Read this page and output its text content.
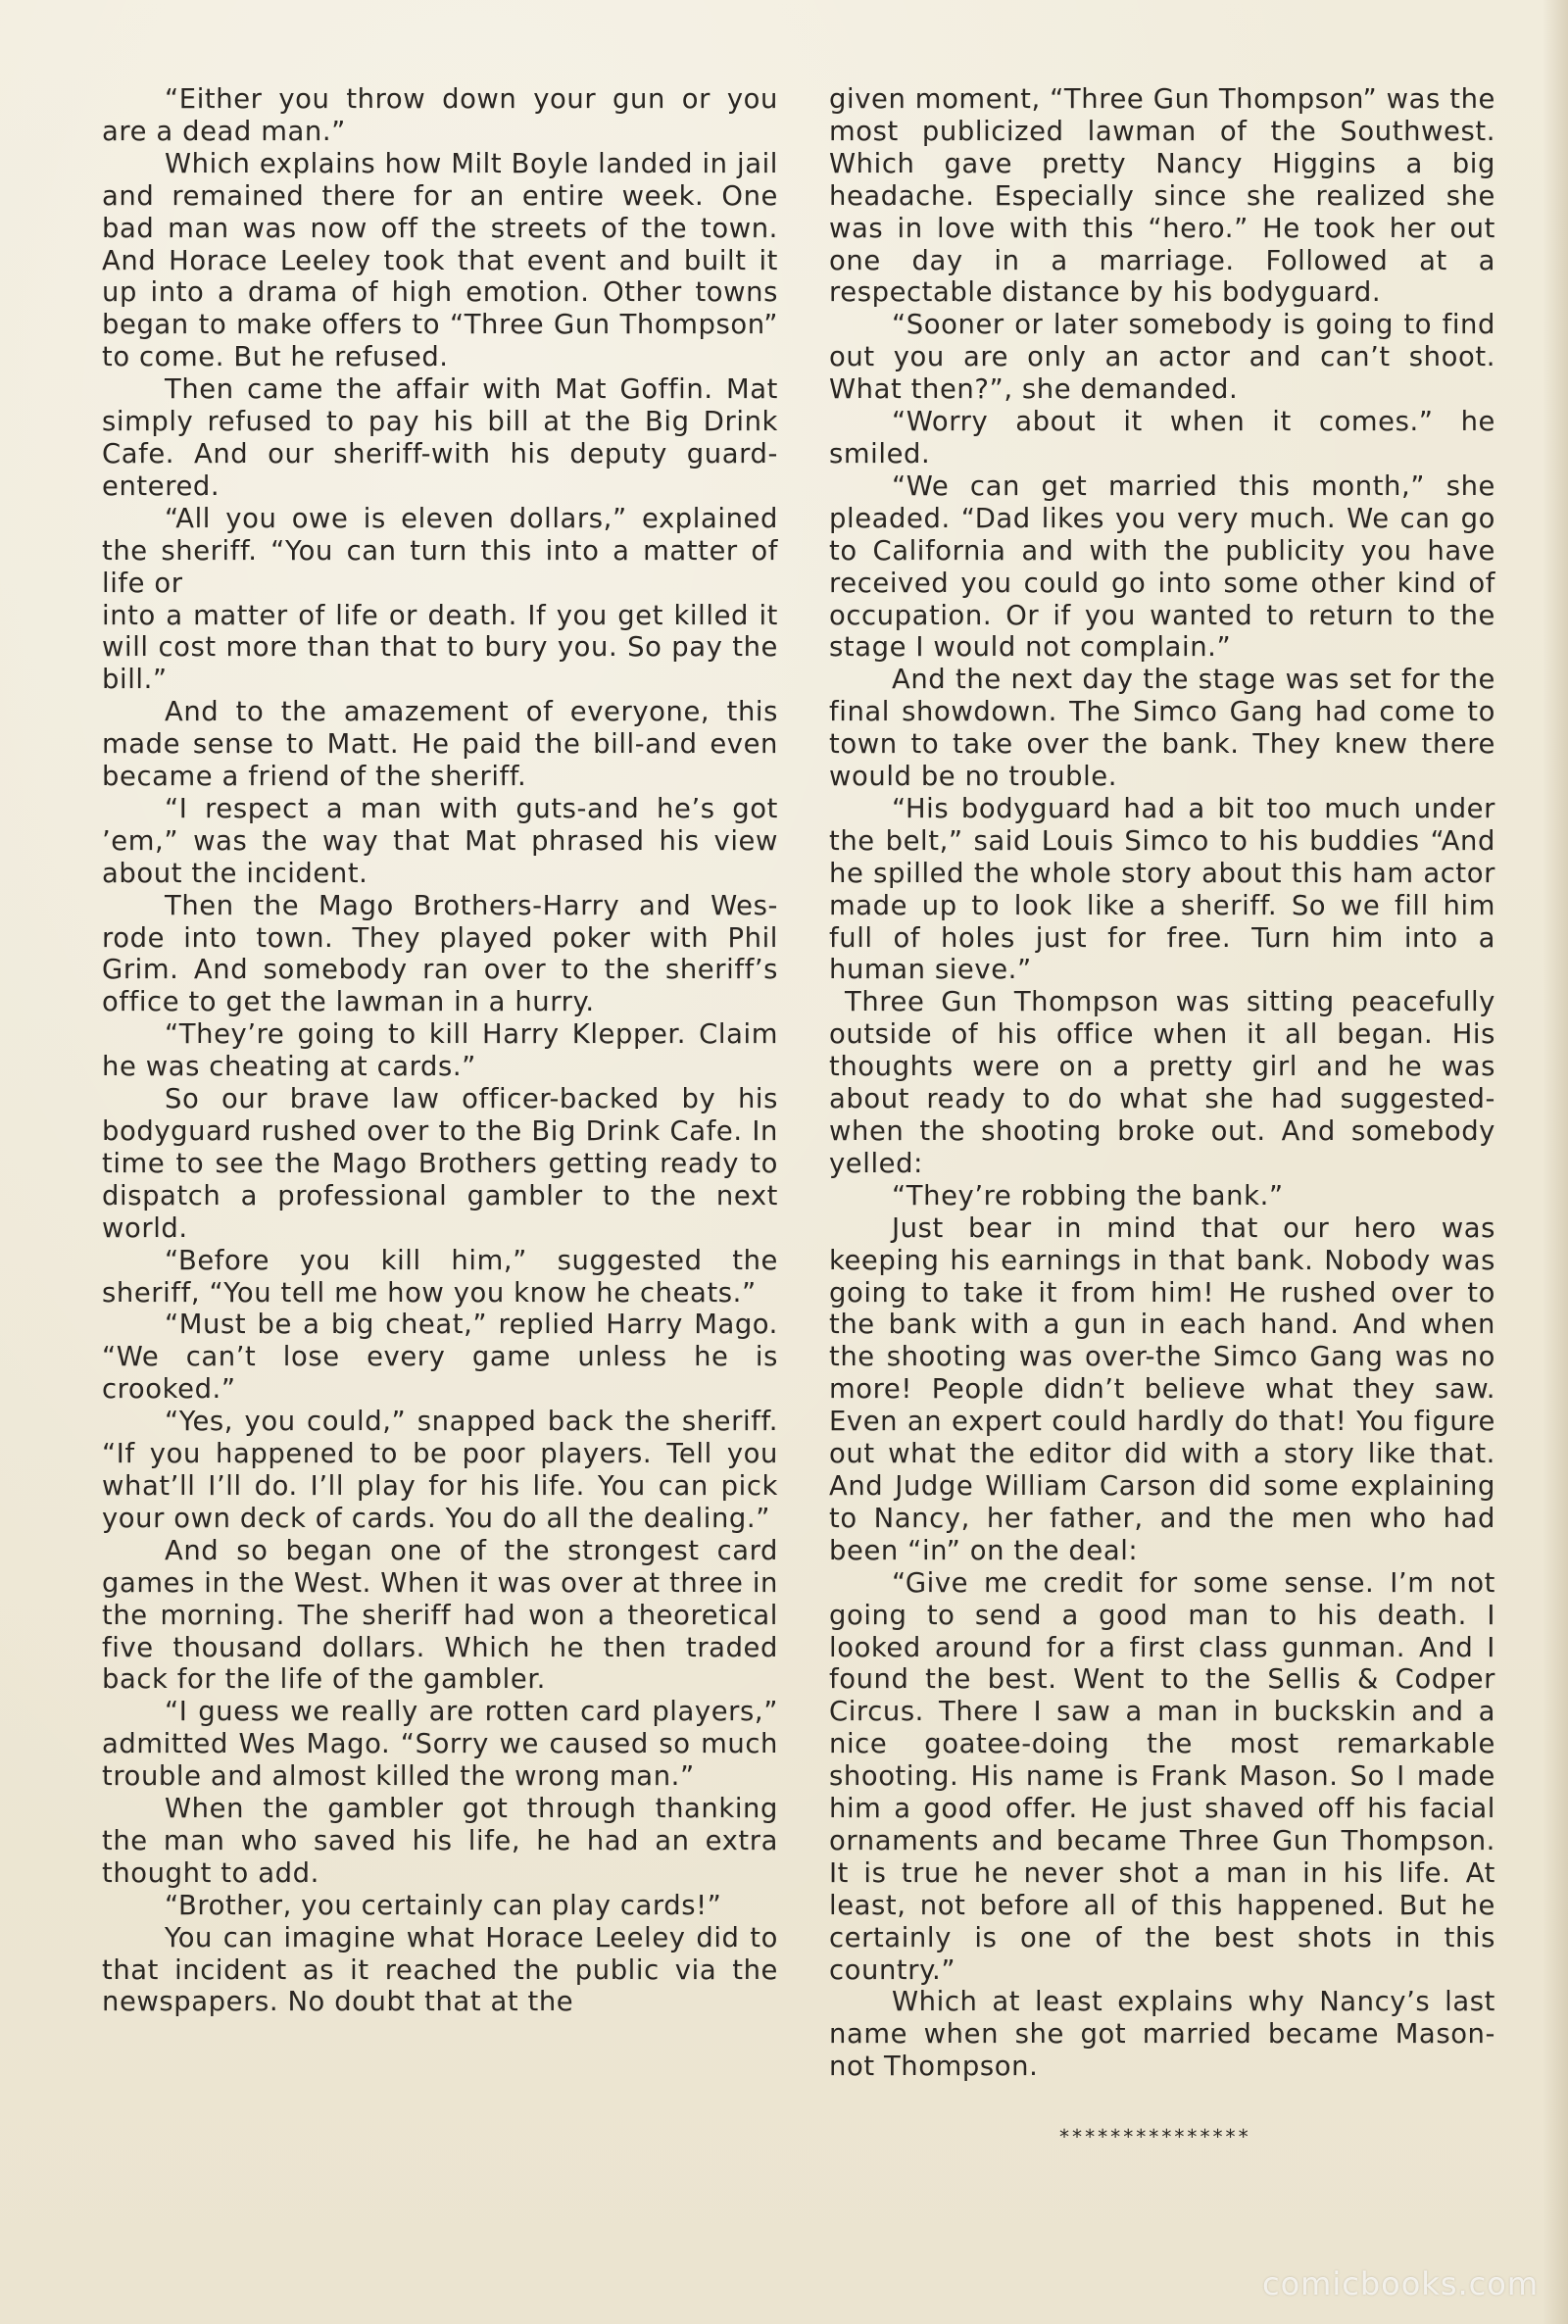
“Either you throw down your gun or you are a dead man.”

Which explains how Milt Boyle landed in jail and remained there for an entire week. One bad man was now off the streets of the town. And Horace Leeley took that event and built it up into a drama of high emotion. Other towns began to make offers to “Three Gun Thompson” to come. But he refused.

Then came the affair with Mat Goffin. Mat simply refused to pay his bill at the Big Drink Cafe. And our sheriff-with his deputy guard-entered.

“All you owe is eleven dollars,” explained the sheriff. “You can turn this into a matter of life or

into a matter of life or death. If you get killed it will cost more than that to bury you. So pay the bill.”

And to the amazement of everyone, this made sense to Matt. He paid the bill-and even became a friend of the sheriff.

“I respect a man with guts-and he’s got ’em,” was the way that Mat phrased his view about the incident.

Then the Mago Brothers-Harry and Wes-rode into town. They played poker with Phil Grim. And somebody ran over to the sheriff’s office to get the lawman in a hurry.

“They’re going to kill Harry Klepper. Claim he was cheating at cards.”

So our brave law officer-backed by his bodyguard rushed over to the Big Drink Cafe. In time to see the Mago Brothers getting ready to dispatch a professional gambler to the next world.

“Before you kill him,” suggested the sheriff, “You tell me how you know he cheats.”

“Must be a big cheat,” replied Harry Mago. “We can’t lose every game unless he is crooked.”

“Yes, you could,” snapped back the sheriff. “If you happened to be poor players. Tell you what’ll I’ll do. I’ll play for his life. You can pick your own deck of cards. You do all the dealing.”

And so began one of the strongest card games in the West. When it was over at three in the morning. The sheriff had won a theoretical five thousand dollars. Which he then traded back for the life of the gambler.

“I guess we really are rotten card players,” admitted Wes Mago. “Sorry we caused so much trouble and almost killed the wrong man.”

When the gambler got through thanking the man who saved his life, he had an extra thought to add.

“Brother, you certainly can play cards!”

You can imagine what Horace Leeley did to that incident as it reached the public via the newspapers. No doubt that at the

given moment, “Three Gun Thompson” was the most publicized lawman of the Southwest. Which gave pretty Nancy Higgins a big headache. Especially since she realized she was in love with this “hero.” He took her out one day in a marriage. Followed at a respectable distance by his bodyguard.

“Sooner or later somebody is going to find out you are only an actor and can’t shoot. What then?”, she demanded.

“Worry about it when it comes.” he smiled.

“We can get married this month,” she pleaded. “Dad likes you very much. We can go to California and with the publicity you have received you could go into some other kind of occupation. Or if you wanted to return to the stage I would not complain.”

And the next day the stage was set for the final showdown. The Simco Gang had come to town to take over the bank. They knew there would be no trouble.

“His bodyguard had a bit too much under the belt,” said Louis Simco to his buddies “And he spilled the whole story about this ham actor made up to look like a sheriff. So we fill him full of holes just for free. Turn him into a human sieve.”

Three Gun Thompson was sitting peacefully outside of his office when it all began. His thoughts were on a pretty girl and he was about ready to do what she had suggested-when the shooting broke out. And somebody yelled:

“They’re robbing the bank.”

Just bear in mind that our hero was keeping his earnings in that bank. Nobody was going to take it from him! He rushed over to the bank with a gun in each hand. And when the shooting was over-the Simco Gang was no more! People didn’t believe what they saw. Even an expert could hardly do that! You figure out what the editor did with a story like that. And Judge William Carson did some explaining to Nancy, her father, and the men who had been “in” on the deal:

“Give me credit for some sense. I’m not going to send a good man to his death. I looked around for a first class gunman. And I found the best. Went to the Sellis & Codper Circus. There I saw a man in buckskin and a nice goatee-doing the most remarkable shooting. His name is Frank Mason. So I made him a good offer. He just shaved off his facial ornaments and became Three Gun Thompson. It is true he never shot a man in his life. At least, not before all of this happened. But he certainly is one of the best shots in this country.”

Which at least explains why Nancy’s last name when she got married became Mason-not Thompson.

***************
comicbooks.com
